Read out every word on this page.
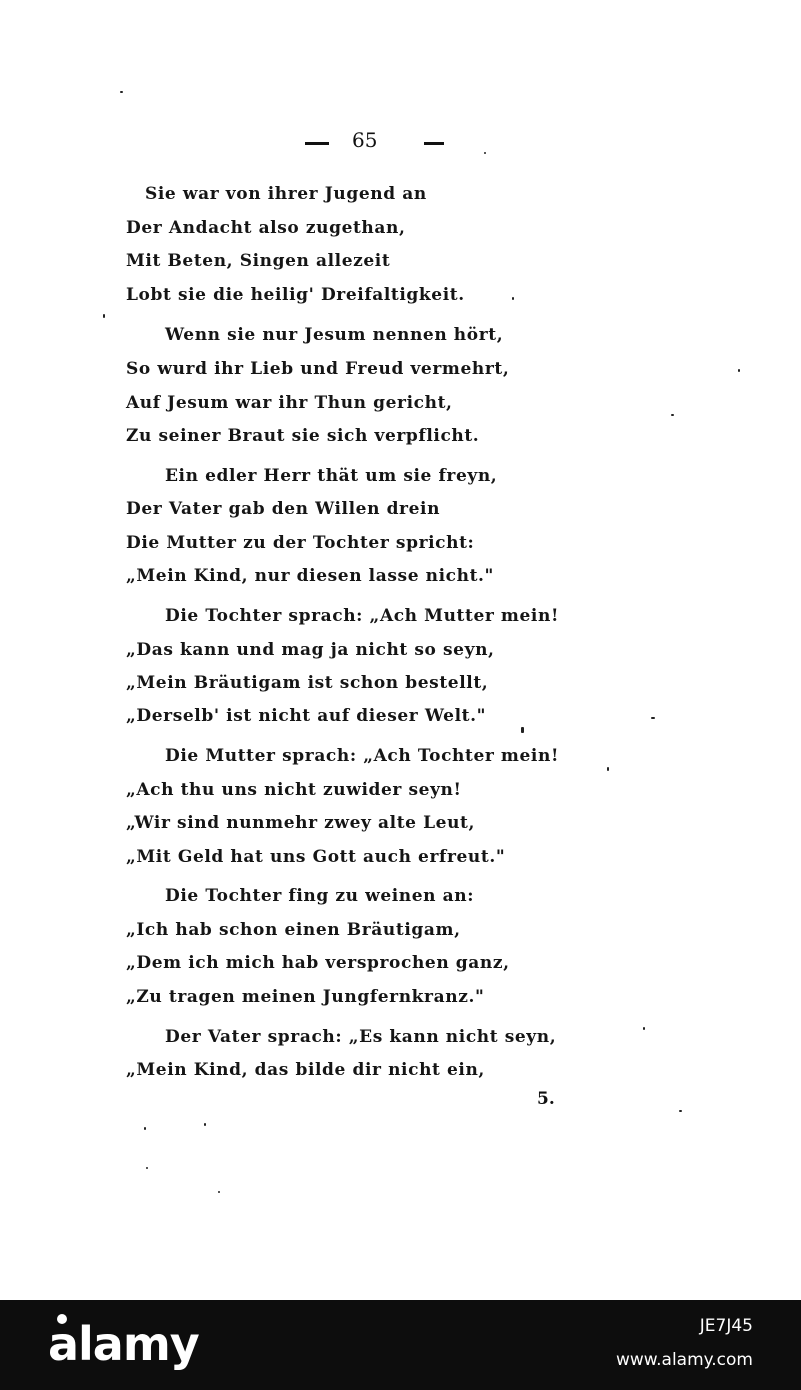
65
Sie war von ihrer Jugend an
Der Andacht also zugethan,
Mit Beten, Singen allezeit
Lobt sie die heilig' Dreifaltigkeit.
Wenn sie nur Jesum nennen hört,
So wurd ihr Lieb und Freud vermehrt,
Auf Jesum war ihr Thun gericht,
Zu seiner Braut sie sich verpflicht.
Ein edler Herr thät um sie freyn,
Der Vater gab den Willen drein
Die Mutter zu der Tochter spricht:
„Mein Kind, nur diesen lasse nicht."
Die Tochter sprach: „Ach Mutter mein!
„Das kann und mag ja nicht so seyn,
„Mein Bräutigam ist schon bestellt,
„Derselb' ist nicht auf dieser Welt."
Die Mutter sprach: „Ach Tochter mein!
„Ach thu uns nicht zuwider seyn!
„Wir sind nunmehr zwey alte Leut,
„Mit Geld hat uns Gott auch erfreut."
Die Tochter fing zu weinen an:
„Ich hab schon einen Bräutigam,
„Dem ich mich hab versprochen ganz,
„Zu tragen meinen Jungfernkranz."
Der Vater sprach: „Es kann nicht seyn,
„Mein Kind, das bilde dir nicht ein,
5.
alamy	JE7J45
www.alamy.com
